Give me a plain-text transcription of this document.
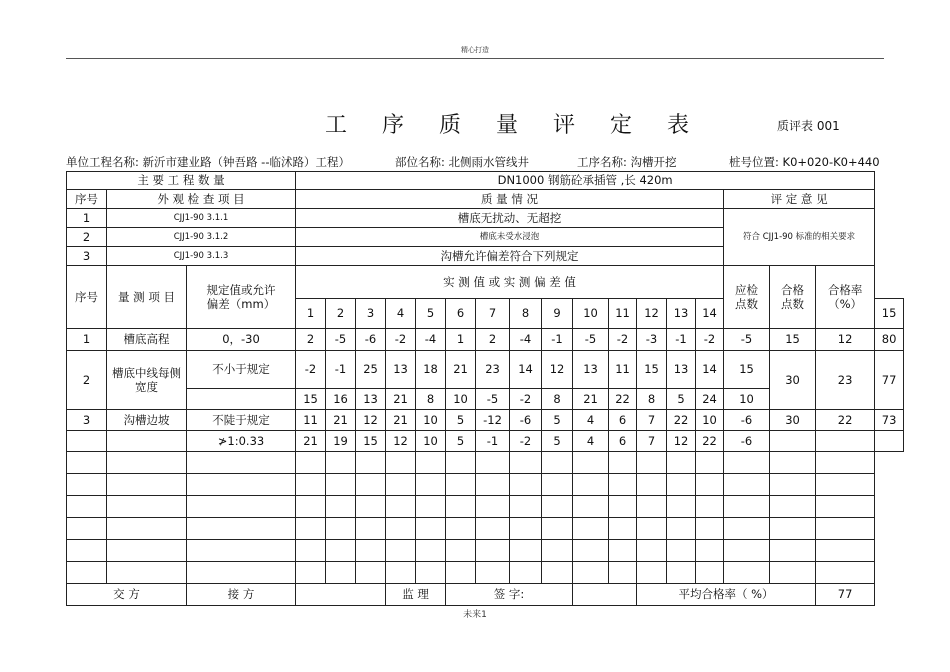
精心打造
工 序 质 量 评 定 表	质评表 001
单位工程名称: 新沂市建业路（钟吾路 --临沭路）工程）	部位名称: 北侧雨水管线井	工序名称: 沟槽开挖	桩号位置: K0+020-K0+440
主 要 工 程 数 量			DN1000 钢筋砼承插管 ,长 420m																	
序号	外 观 检 查 项 目		质 量 情 况														评 定 意 见			
1	CJJ1-90 3.1.1		槽底无扰动、无超挖														符合 CJJ1-90 标准的相关要求			
2	CJJ1-90 3.1.2		槽底未受水浸泡																	
3	CJJ1-90 3.1.3		沟槽允许偏差符合下列规定																	
序号	量 测 项 目	规定值或允许偏差（mm）	实 测 值 或 实 测 偏 差 值														应检点数	合格点数	合格率（%）	
			1	2	3	4	5	6	7	8	9	10	11	12	13	14				15
1	槽底高程	0，-30	2	-5	-6	-2	-4	1	2	-4	-1	-5	-2	-3	-1	-2	-5	15	12	80
2	槽底中线每侧宽度	不小于规定	-2	-1	25	13	18	21	23	14	12	13	11	15	13	14	15	30	23	77
			15	16	13	21	8	10	-5	-2	8	21	22	8	5	24	10			
3	沟槽边坡	不陡于规定	11	21	12	21	10	5	-12	-6	5	4	6	7	22	10	-6	30	22	73
		≯1:0.33	21	19	15	12	10	5	-1	-2	5	4	6	7	12	22	-6			

交 方		接 方				监 理		签 字:						平均合格率（ %）					77	
未来1
